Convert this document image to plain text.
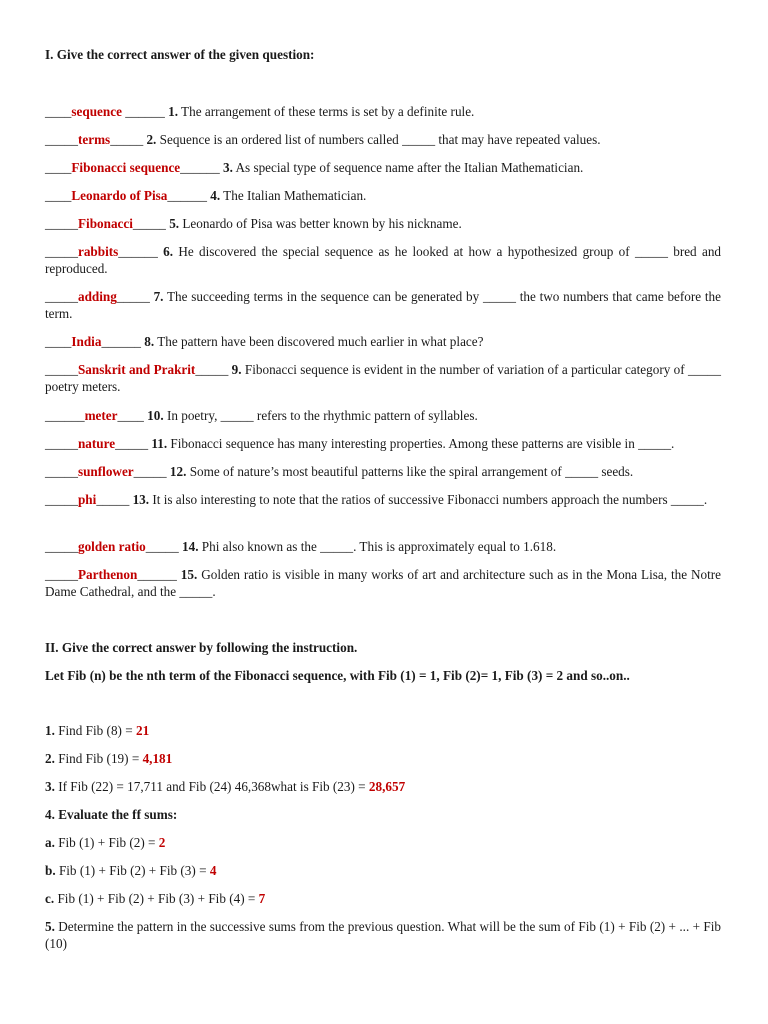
I. Give the correct answer of the given question:
____sequence ______ 1. The arrangement of these terms is set by a definite rule.
_____terms_____ 2. Sequence is an ordered list of numbers called _____ that may have repeated values.
____Fibonacci sequence______ 3. As special type of sequence name after the Italian Mathematician.
____Leonardo of Pisa______ 4. The Italian Mathematician.
_____Fibonacci_____ 5. Leonardo of Pisa was better known by his nickname.
_____rabbits______ 6. He discovered the special sequence as he looked at how a hypothesized group of _____ bred and reproduced.
_____adding_____ 7. The succeeding terms in the sequence can be generated by _____ the two numbers that came before the term.
____India______ 8. The pattern have been discovered much earlier in what place?
_____Sanskrit and Prakrit_____ 9. Fibonacci sequence is evident in the number of variation of a particular category of _____ poetry meters.
______meter____ 10. In poetry, _____ refers to the rhythmic pattern of syllables.
_____nature_____ 11. Fibonacci sequence has many interesting properties. Among these patterns are visible in _____.
_____sunflower_____ 12. Some of nature’s most beautiful patterns like the spiral arrangement of _____ seeds.
_____phi_____ 13. It is also interesting to note that the ratios of successive Fibonacci numbers approach the numbers _____.
_____golden ratio_____ 14. Phi also known as the _____. This is approximately equal to 1.618.
_____Parthenon______ 15. Golden ratio is visible in many works of art and architecture such as in the Mona Lisa, the Notre Dame Cathedral, and the _____.
II. Give the correct answer by following the instruction.
Let Fib (n) be the nth term of the Fibonacci sequence, with Fib (1) = 1, Fib (2)= 1, Fib (3) = 2 and so..on..
1. Find Fib (8) = 21
2. Find Fib (19) = 4,181
3. If Fib (22) = 17,711 and Fib (24) 46,368what is Fib (23) = 28,657
4. Evaluate the ff sums:
a. Fib (1) + Fib (2) = 2
b. Fib (1) + Fib (2) + Fib (3) = 4
c. Fib (1) + Fib (2) + Fib (3) + Fib (4) = 7
5. Determine the pattern in the successive sums from the previous question. What will be the sum of Fib (1) + Fib (2) + ... + Fib (10)
